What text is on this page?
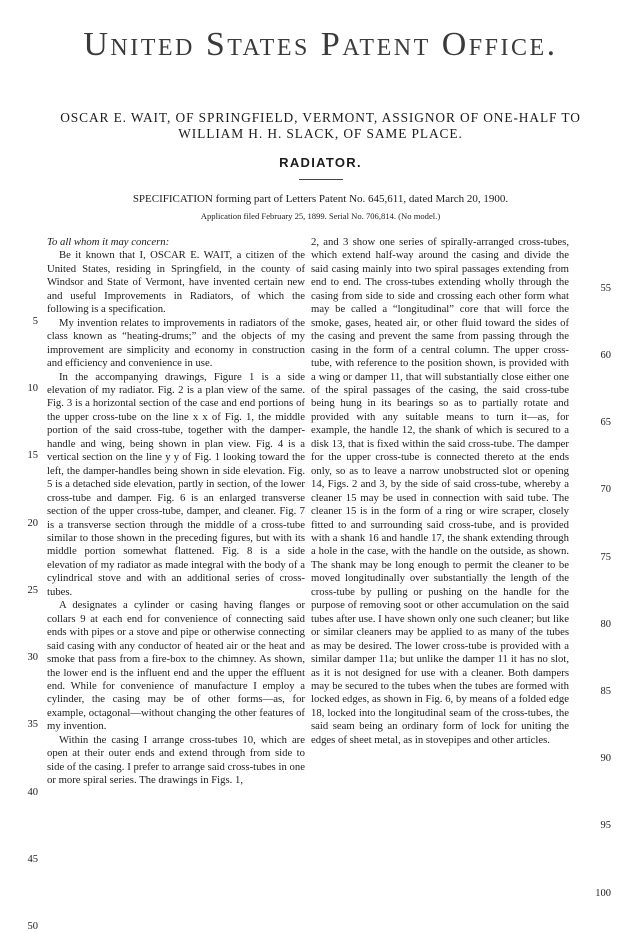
United States Patent Office.
OSCAR E. WAIT, OF SPRINGFIELD, VERMONT, ASSIGNOR OF ONE-HALF TO
WILLIAM H. H. SLACK, OF SAME PLACE.
RADIATOR.
SPECIFICATION forming part of Letters Patent No. 645,611, dated March 20, 1900.
Application filed February 25, 1899. Serial No. 706,814. (No model.)

To all whom it may concern:

Be it known that I, OSCAR E. WAIT, a citizen of the United States, residing in Springfield, in the county of Windsor and State of Vermont, have invented certain new and useful Improvements in Radiators, of which the following is a specification.

My invention relates to improvements in radiators of the class known as “heating-drums;” and the objects of my improvement are simplicity and economy in construction and efficiency and convenience in use.

In the accompanying drawings, Figure 1 is a side elevation of my radiator. Fig. 2 is a plan view of the same. Fig. 3 is a horizontal section of the case and end portions of the upper cross-tube on the line x x of Fig. 1, the middle portion of the said cross-tube, together with the damper-handle and wing, being shown in plan view. Fig. 4 is a vertical section on the line y y of Fig. 1 looking toward the left, the damper-handles being shown in side elevation. Fig. 5 is a detached side elevation, partly in section, of the lower cross-tube and damper. Fig. 6 is an enlarged transverse section of the upper cross-tube, damper, and cleaner. Fig. 7 is a transverse section through the middle of a cross-tube similar to those shown in the preceding figures, but with its middle portion somewhat flattened. Fig. 8 is a side elevation of my radiator as made integral with the body of a cylindrical stove and with an additional series of cross-tubes.

A designates a cylinder or casing having flanges or collars 9 at each end for convenience of connecting said ends with pipes or a stove and pipe or otherwise connecting said casing with any conductor of heated air or the heat and smoke that pass from a fire-box to the chimney. As shown, the lower end is the influent end and the upper the effluent end. While for convenience of manufacture I employ a cylinder, the casing may be of other forms—as, for example, octagonal—without changing the other features of my invention.

Within the casing I arrange cross-tubes 10, which are open at their outer ends and extend through from side to side of the casing. I prefer to arrange said cross-tubes in one or more spiral series. The drawings in Figs. 1,

2, and 3 show one series of spirally-arranged cross-tubes, which extend half-way around the casing and divide the said casing mainly into two spiral passages extending from end to end. The cross-tubes extending wholly through the casing from side to side and crossing each other form what may be called a “longitudinal” core that will force the smoke, gases, heated air, or other fluid toward the sides of the casing and prevent the same from passing through the casing in the form of a central column. The upper cross-tube, with reference to the position shown, is provided with a wing or damper 11, that will substantially close either one of the spiral passages of the casing, the said cross-tube being hung in its bearings so as to partially rotate and provided with any suitable means to turn it—as, for example, the handle 12, the shank of which is secured to a disk 13, that is fixed within the said cross-tube. The damper for the upper cross-tube is connected thereto at the ends only, so as to leave a narrow unobstructed slot or opening 14, Figs. 2 and 3, by the side of said cross-tube, whereby a cleaner 15 may be used in connection with said tube. The cleaner 15 is in the form of a ring or wire scraper, closely fitted to and surrounding said cross-tube, and is provided with a shank 16 and handle 17, the shank extending through a hole in the case, with the handle on the outside, as shown. The shank may be long enough to permit the cleaner to be moved longitudinally over substantially the length of the cross-tube by pulling or pushing on the handle for the purpose of removing soot or other accumulation on the said tubes after use. I have shown only one such cleaner; but like or similar cleaners may be applied to as many of the tubes as may be desired. The lower cross-tube is provided with a similar damper 11a; but unlike the damper 11 it has no slot, as it is not designed for use with a cleaner. Both dampers may be secured to the tubes when the tubes are formed with locked edges, as shown in Fig. 6, by means of a folded edge 18, locked into the longitudinal seam of the cross-tubes, the said seam being an ordinary form of lock for uniting the edges of sheet metal, as in stovepipes and other articles.

5
10
15
20
25
30
35
40
45
50
55
60
65
70
75
80
85
90
95
100
